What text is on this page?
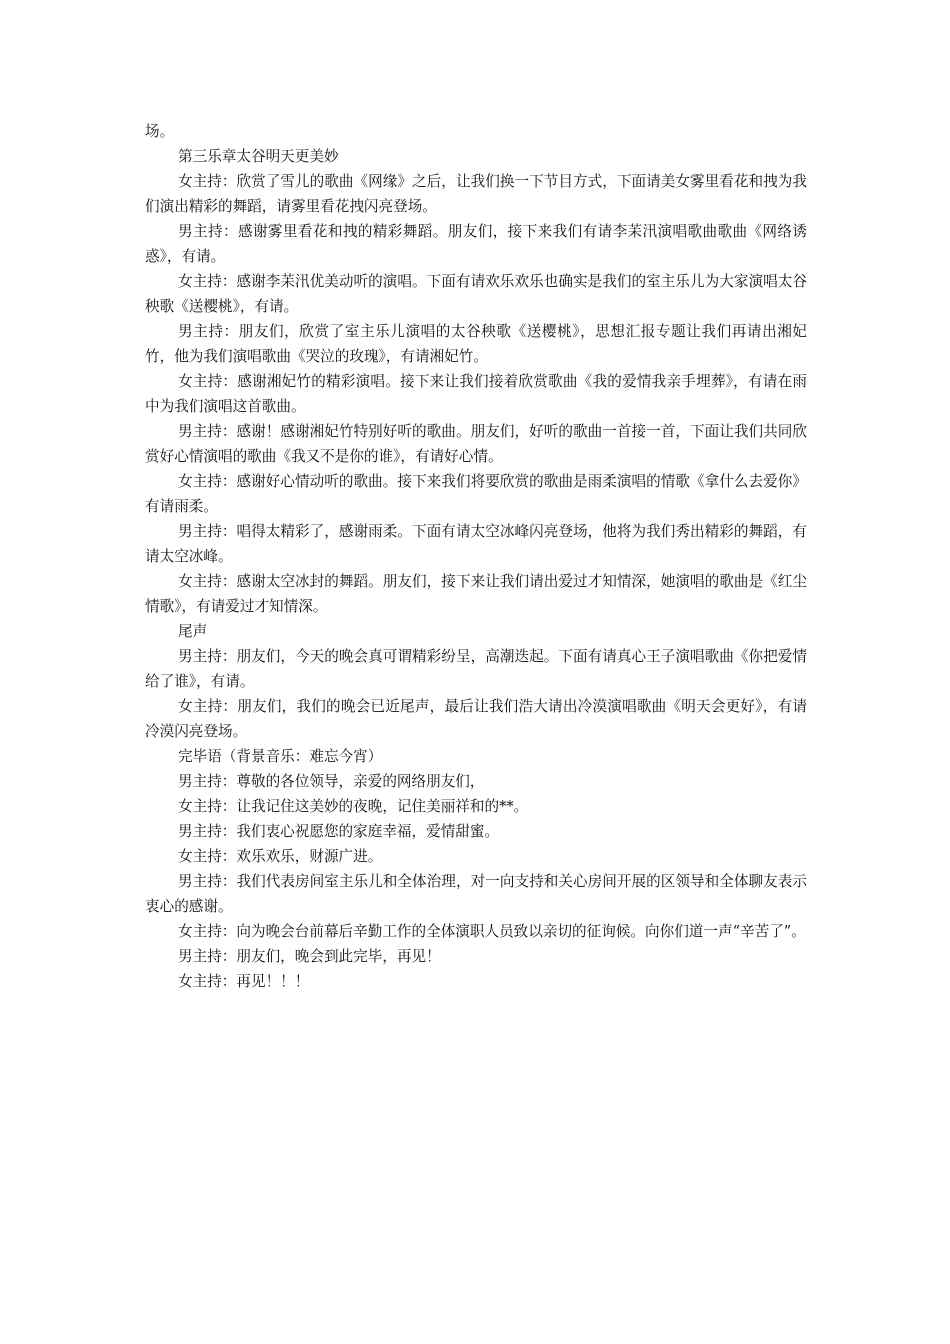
场。

第三乐章太谷明天更美妙

女主持：欣赏了雪儿的歌曲《网缘》之后，让我们换一下节目方式，下面请美女雾里看花和拽为我们演出精彩的舞蹈，请雾里看花拽闪亮登场。

男主持：感谢雾里看花和拽的精彩舞蹈。朋友们，接下来我们有请李苿汛演唱歌曲歌曲《网络诱惑》，有请。

女主持：感谢李苿汛优美动听的演唱。下面有请欢乐欢乐也确实是我们的室主乐儿为大家演唱太谷秧歌《送樱桃》，有请。

男主持：朋友们，欣赏了室主乐儿演唱的太谷秧歌《送樱桃》，思想汇报专题让我们再请出湘妃竹，他为我们演唱歌曲《哭泣的玫瑰》，有请湘妃竹。

女主持：感谢湘妃竹的精彩演唱。接下来让我们接着欣赏歌曲《我的爱情我亲手埋葬》，有请在雨中为我们演唱这首歌曲。

男主持：感谢！感谢湘妃竹特别好听的歌曲。朋友们，好听的歌曲一首接一首，下面让我们共同欣赏好心情演唱的歌曲《我又不是你的谁》，有请好心情。

女主持：感谢好心情动听的歌曲。接下来我们将要欣赏的歌曲是雨柔演唱的情歌《拿什么去爱你》有请雨柔。

男主持：唱得太精彩了，感谢雨柔。下面有请太空冰峰闪亮登场，他将为我们秀出精彩的舞蹈，有请太空冰峰。

女主持：感谢太空冰封的舞蹈。朋友们，接下来让我们请出爱过才知情深，她演唱的歌曲是《红尘情歌》，有请爱过才知情深。

尾声

男主持：朋友们，今天的晚会真可谓精彩纷呈，高潮迭起。下面有请真心王子演唱歌曲《你把爱情给了谁》，有请。

女主持：朋友们，我们的晚会已近尾声，最后让我们浩大请出冷漠演唱歌曲《明天会更好》，有请冷漠闪亮登场。

完毕语（背景音乐：难忘今宵）

男主持：尊敬的各位领导，亲爱的网络朋友们，

女主持：让我记住这美妙的夜晚，记住美丽祥和的**。

男主持：我们衷心祝愿您的家庭幸福，爱情甜蜜。

女主持：欢乐欢乐，财源广进。

男主持：我们代表房间室主乐儿和全体治理，对一向支持和关心房间开展的区领导和全体聊友表示衷心的感谢。

女主持：向为晚会台前幕后辛勤工作的全体演职人员致以亲切的征询候。向你们道一声“辛苦了”。

男主持：朋友们，晚会到此完毕，再见！

女主持：再见！！！
